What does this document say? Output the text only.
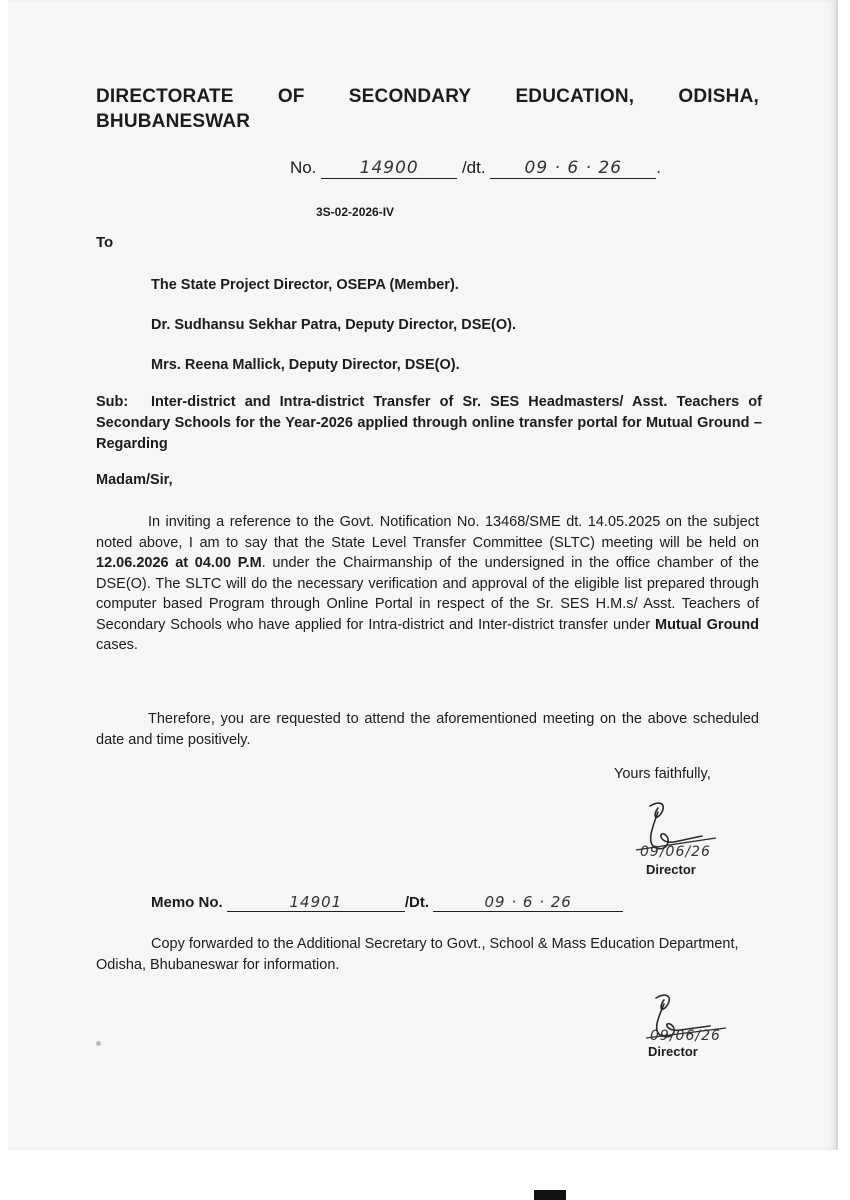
DIRECTORATE OF SECONDARY EDUCATION, ODISHA,
BHUBANESWAR
No.	14900	/dt. 09 · 6 · 26 .
3S-02-2026-IV
To
The State Project Director, OSEPA (Member).
Dr. Sudhansu Sekhar Patra, Deputy Director, DSE(O).
Mrs. Reena Mallick, Deputy Director, DSE(O).
Sub: Inter-district and Intra-district Transfer of Sr. SES Headmasters/ Asst. Teachers of Secondary Schools for the Year-2026 applied through online transfer portal for Mutual Ground – Regarding
Madam/Sir,
In inviting a reference to the Govt. Notification No. 13468/SME dt. 14.05.2025 on the subject noted above, I am to say that the State Level Transfer Committee (SLTC) meeting will be held on 12.06.2026 at 04.00 P.M. under the Chairmanship of the undersigned in the office chamber of the DSE(O). The SLTC will do the necessary verification and approval of the eligible list prepared through computer based Program through Online Portal in respect of the Sr. SES H.M.s/ Asst. Teachers of Secondary Schools who have applied for Intra-district and Inter-district transfer under Mutual Ground cases.
Therefore, you are requested to attend the aforementioned meeting on the above scheduled date and time positively.
Yours faithfully,
09/06/26
Director
Memo No.	14901	/Dt.	09 · 6 · 26
Copy forwarded to the Additional Secretary to Govt., School & Mass Education Department, Odisha, Bhubaneswar for information.
09/06/26
Director
